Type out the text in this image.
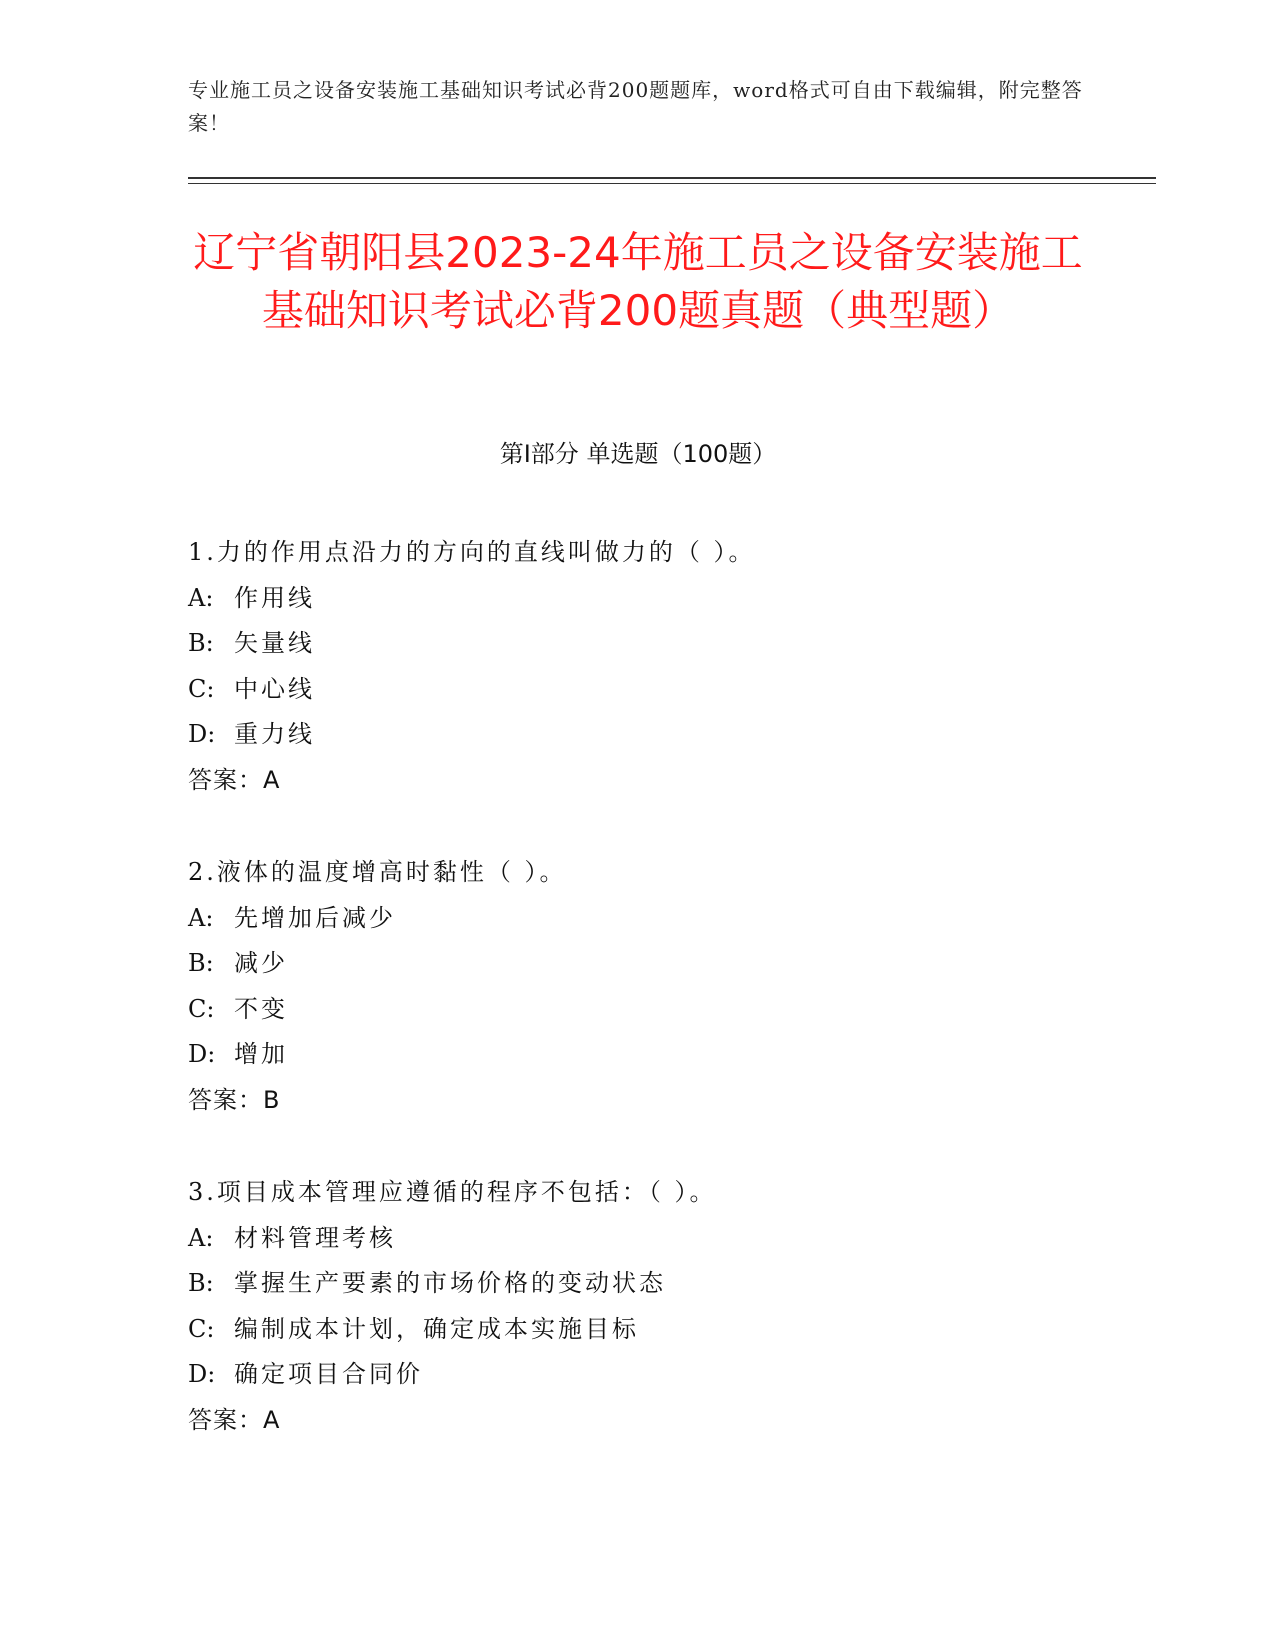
专业施工员之设备安装施工基础知识考试必背200题题库，word格式可自由下载编辑，附完整答案！
辽宁省朝阳县2023-24年施工员之设备安装施工基础知识考试必背200题真题（典型题）
第Ⅰ部分 单选题（100题）
1.力的作用点沿力的方向的直线叫做力的（ ）。
A: 作用线
B: 矢量线
C: 中心线
D: 重力线
答案：A
2.液体的温度增高时黏性（ ）。
A: 先增加后减少
B: 减少
C: 不变
D: 增加
答案：B
3.项目成本管理应遵循的程序不包括：（ ）。
A: 材料管理考核
B: 掌握生产要素的市场价格的变动状态
C: 编制成本计划，确定成本实施目标
D: 确定项目合同价
答案：A
